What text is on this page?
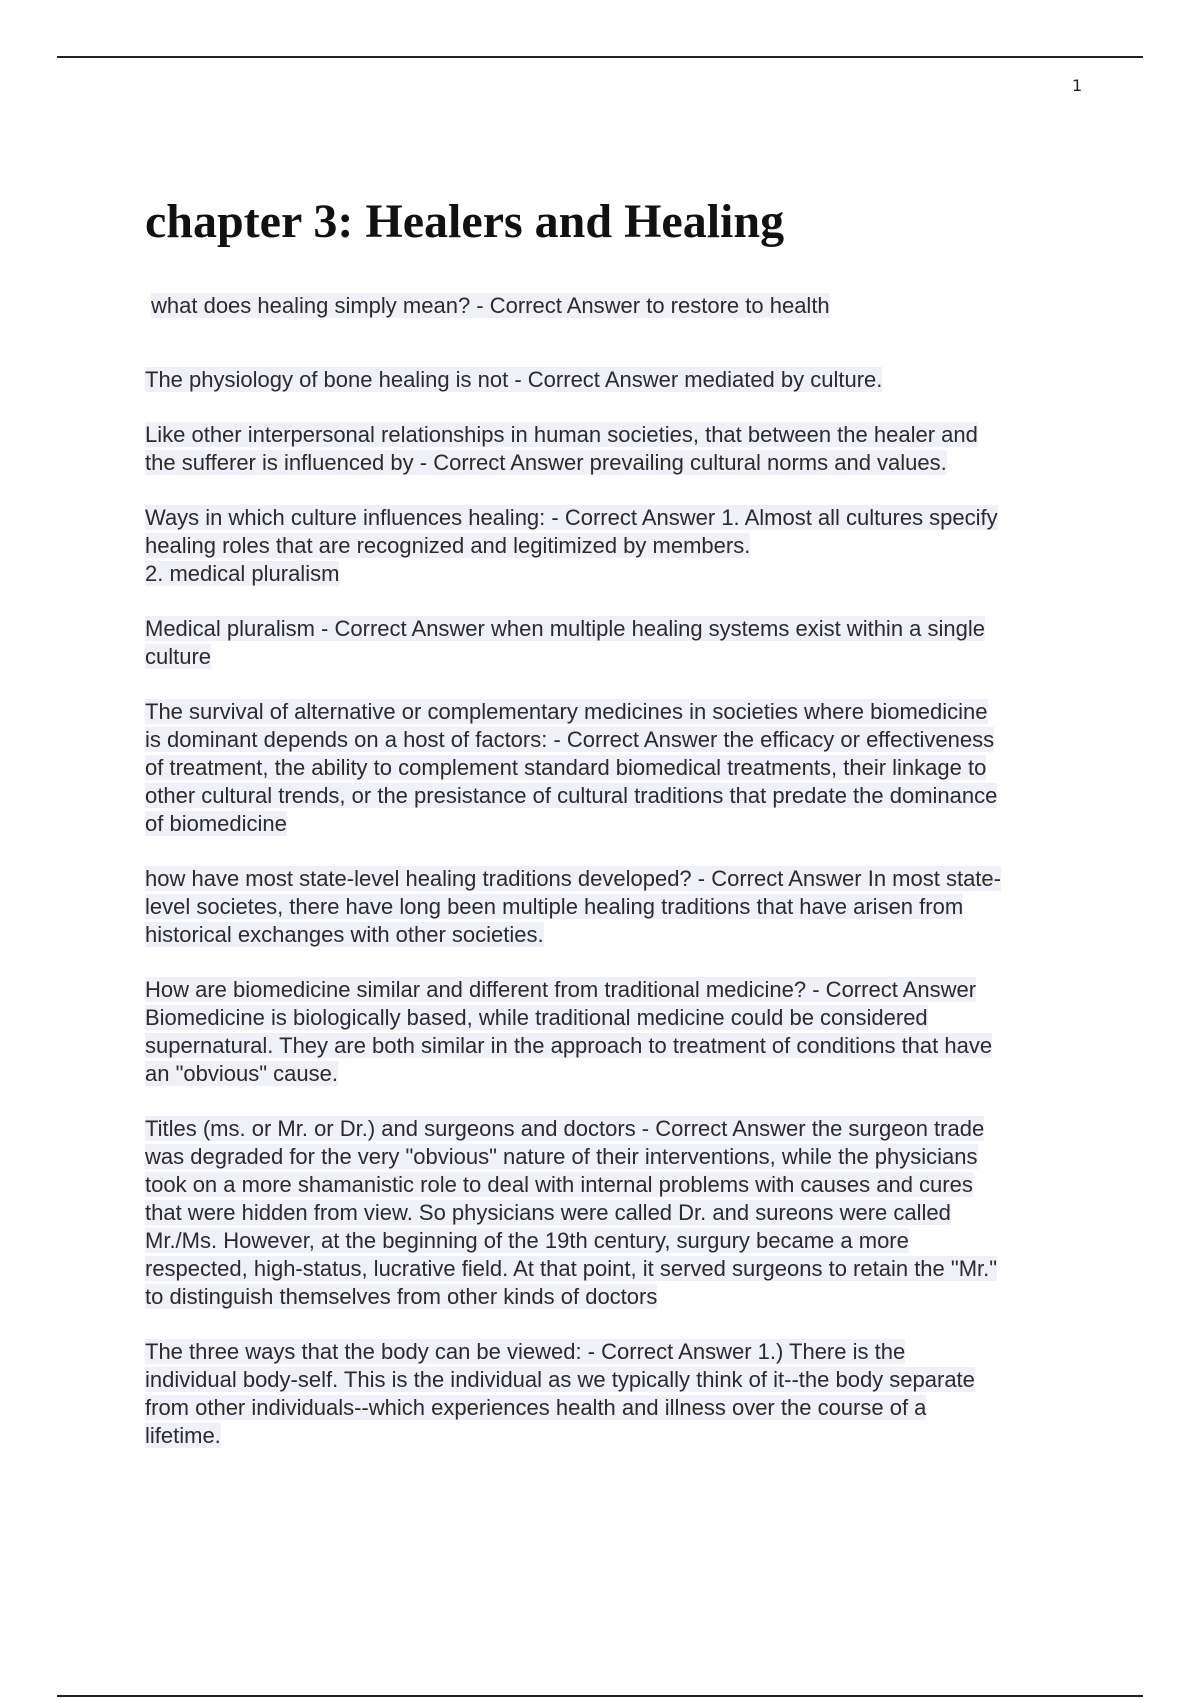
1
chapter 3: Healers and Healing

what does healing simply mean? - Correct Answer to restore to health

The physiology of bone healing is not - Correct Answer mediated by culture.

Like other interpersonal relationships in human societies, that between the healer and
the sufferer is influenced by - Correct Answer prevailing cultural norms and values.

Ways in which culture influences healing: - Correct Answer 1. Almost all cultures specify
healing roles that are recognized and legitimized by members.
2. medical pluralism

Medical pluralism - Correct Answer when multiple healing systems exist within a single
culture

The survival of alternative or complementary medicines in societies where biomedicine
is dominant depends on a host of factors: - Correct Answer the efficacy or effectiveness
of treatment, the ability to complement standard biomedical treatments, their linkage to
other cultural trends, or the presistance of cultural traditions that predate the dominance
of biomedicine

how have most state-level healing traditions developed? - Correct Answer In most state-
level societes, there have long been multiple healing traditions that have arisen from
historical exchanges with other societies.

How are biomedicine similar and different from traditional medicine? - Correct Answer
Biomedicine is biologically based, while traditional medicine could be considered
supernatural. They are both similar in the approach to treatment of conditions that have
an "obvious" cause.

Titles (ms. or Mr. or Dr.) and surgeons and doctors - Correct Answer the surgeon trade
was degraded for the very "obvious" nature of their interventions, while the physicians
took on a more shamanistic role to deal with internal problems with causes and cures
that were hidden from view. So physicians were called Dr. and sureons were called
Mr./Ms. However, at the beginning of the 19th century, surgury became a more
respected, high-status, lucrative field. At that point, it served surgeons to retain the "Mr."
to distinguish themselves from other kinds of doctors

The three ways that the body can be viewed: - Correct Answer 1.) There is the
individual body-self. This is the individual as we typically think of it--the body separate
from other individuals--which experiences health and illness over the course of a
lifetime.
